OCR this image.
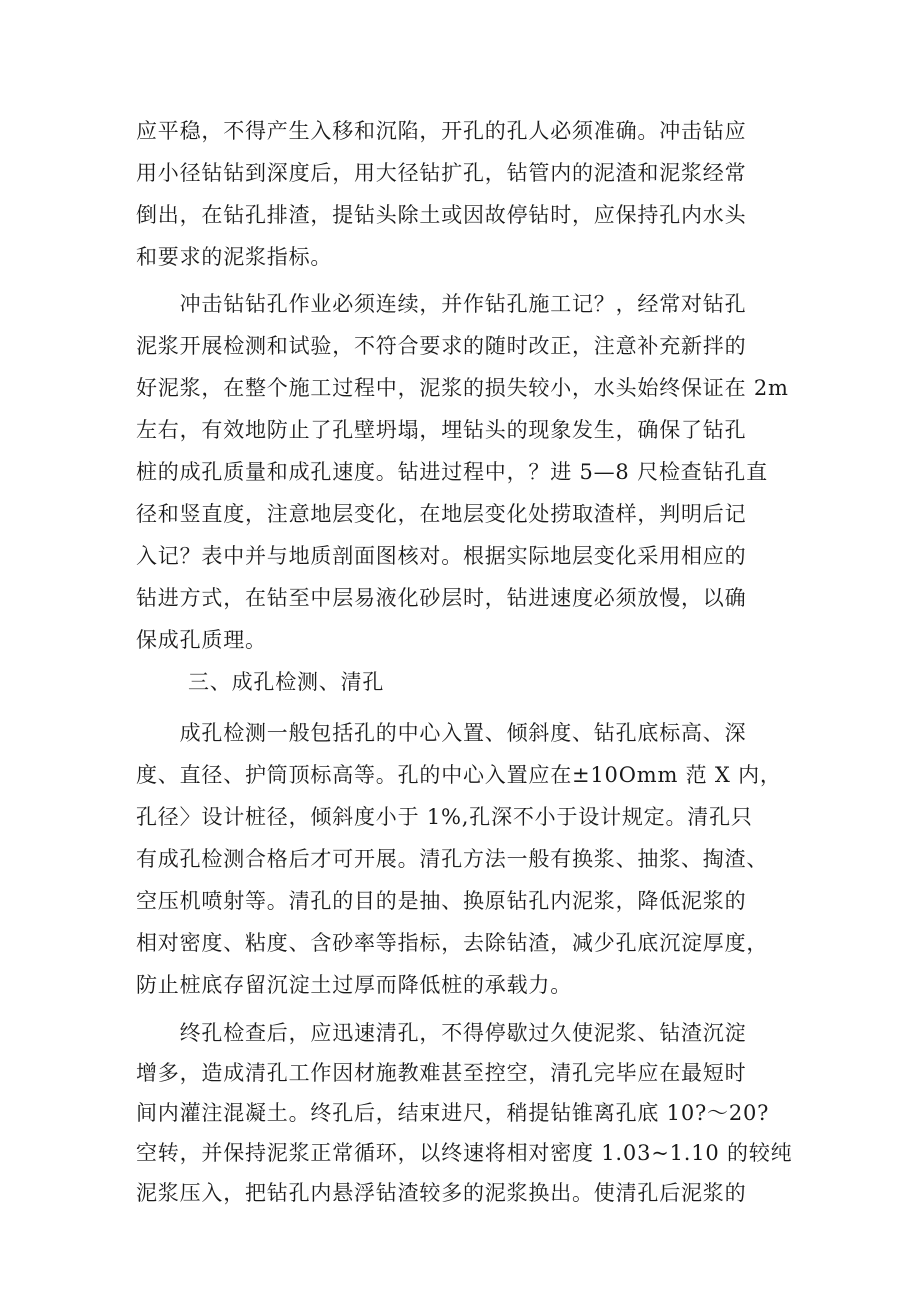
应平稳，不得产生入移和沉陷，开孔的孔人必须准确。冲击钻应
用小径钻钻到深度后，用大径钻扩孔，钻管内的泥渣和泥浆经常
倒出，在钻孔排渣，提钻头除土或因故停钻时，应保持孔内水头
和要求的泥浆指标。
　　冲击钻钻孔作业必须连续，并作钻孔施工记？，经常对钻孔
泥浆开展检测和试验，不符合要求的随时改正，注意补充新拌的
好泥浆，在整个施工过程中，泥浆的损失较小，水头始终保证在 2m
左右，有效地防止了孔壁坍塌，埋钻头的现象发生，确保了钻孔
桩的成孔质量和成孔速度。钻进过程中，？进 5—8 尺检查钻孔直
径和竖直度，注意地层变化，在地层变化处捞取渣样，判明后记
入记？表中并与地质剖面图核对。根据实际地层变化采用相应的
钻进方式，在钻至中层易液化砂层时，钻进速度必须放慢，以确
保成孔质理。
三、成孔检测、清孔
　　成孔检测一般包括孔的中心入置、倾斜度、钻孔底标高、深
度、直径、护筒顶标高等。孔的中心入置应在±10Omm 范 X 内，
孔径〉设计桩径，倾斜度小于 1%,孔深不小于设计规定。清孔只
有成孔检测合格后才可开展。清孔方法一般有换浆、抽浆、掏渣、
空压机喷射等。清孔的目的是抽、换原钻孔内泥浆，降低泥浆的
相对密度、粘度、含砂率等指标，去除钻渣，减少孔底沉淀厚度，
防止桩底存留沉淀土过厚而降低桩的承载力。
　　终孔检查后，应迅速清孔，不得停歇过久使泥浆、钻渣沉淀
增多，造成清孔工作因材施教难甚至控空，清孔完毕应在最短时
间内灌注混凝土。终孔后，结束进尺，稍提钻锥离孔底 10?～20?
空转，并保持泥浆正常循环，以终速将相对密度 1.03~1.10 的较纯
泥浆压入，把钻孔内悬浮钻渣较多的泥浆换出。使清孔后泥浆的
